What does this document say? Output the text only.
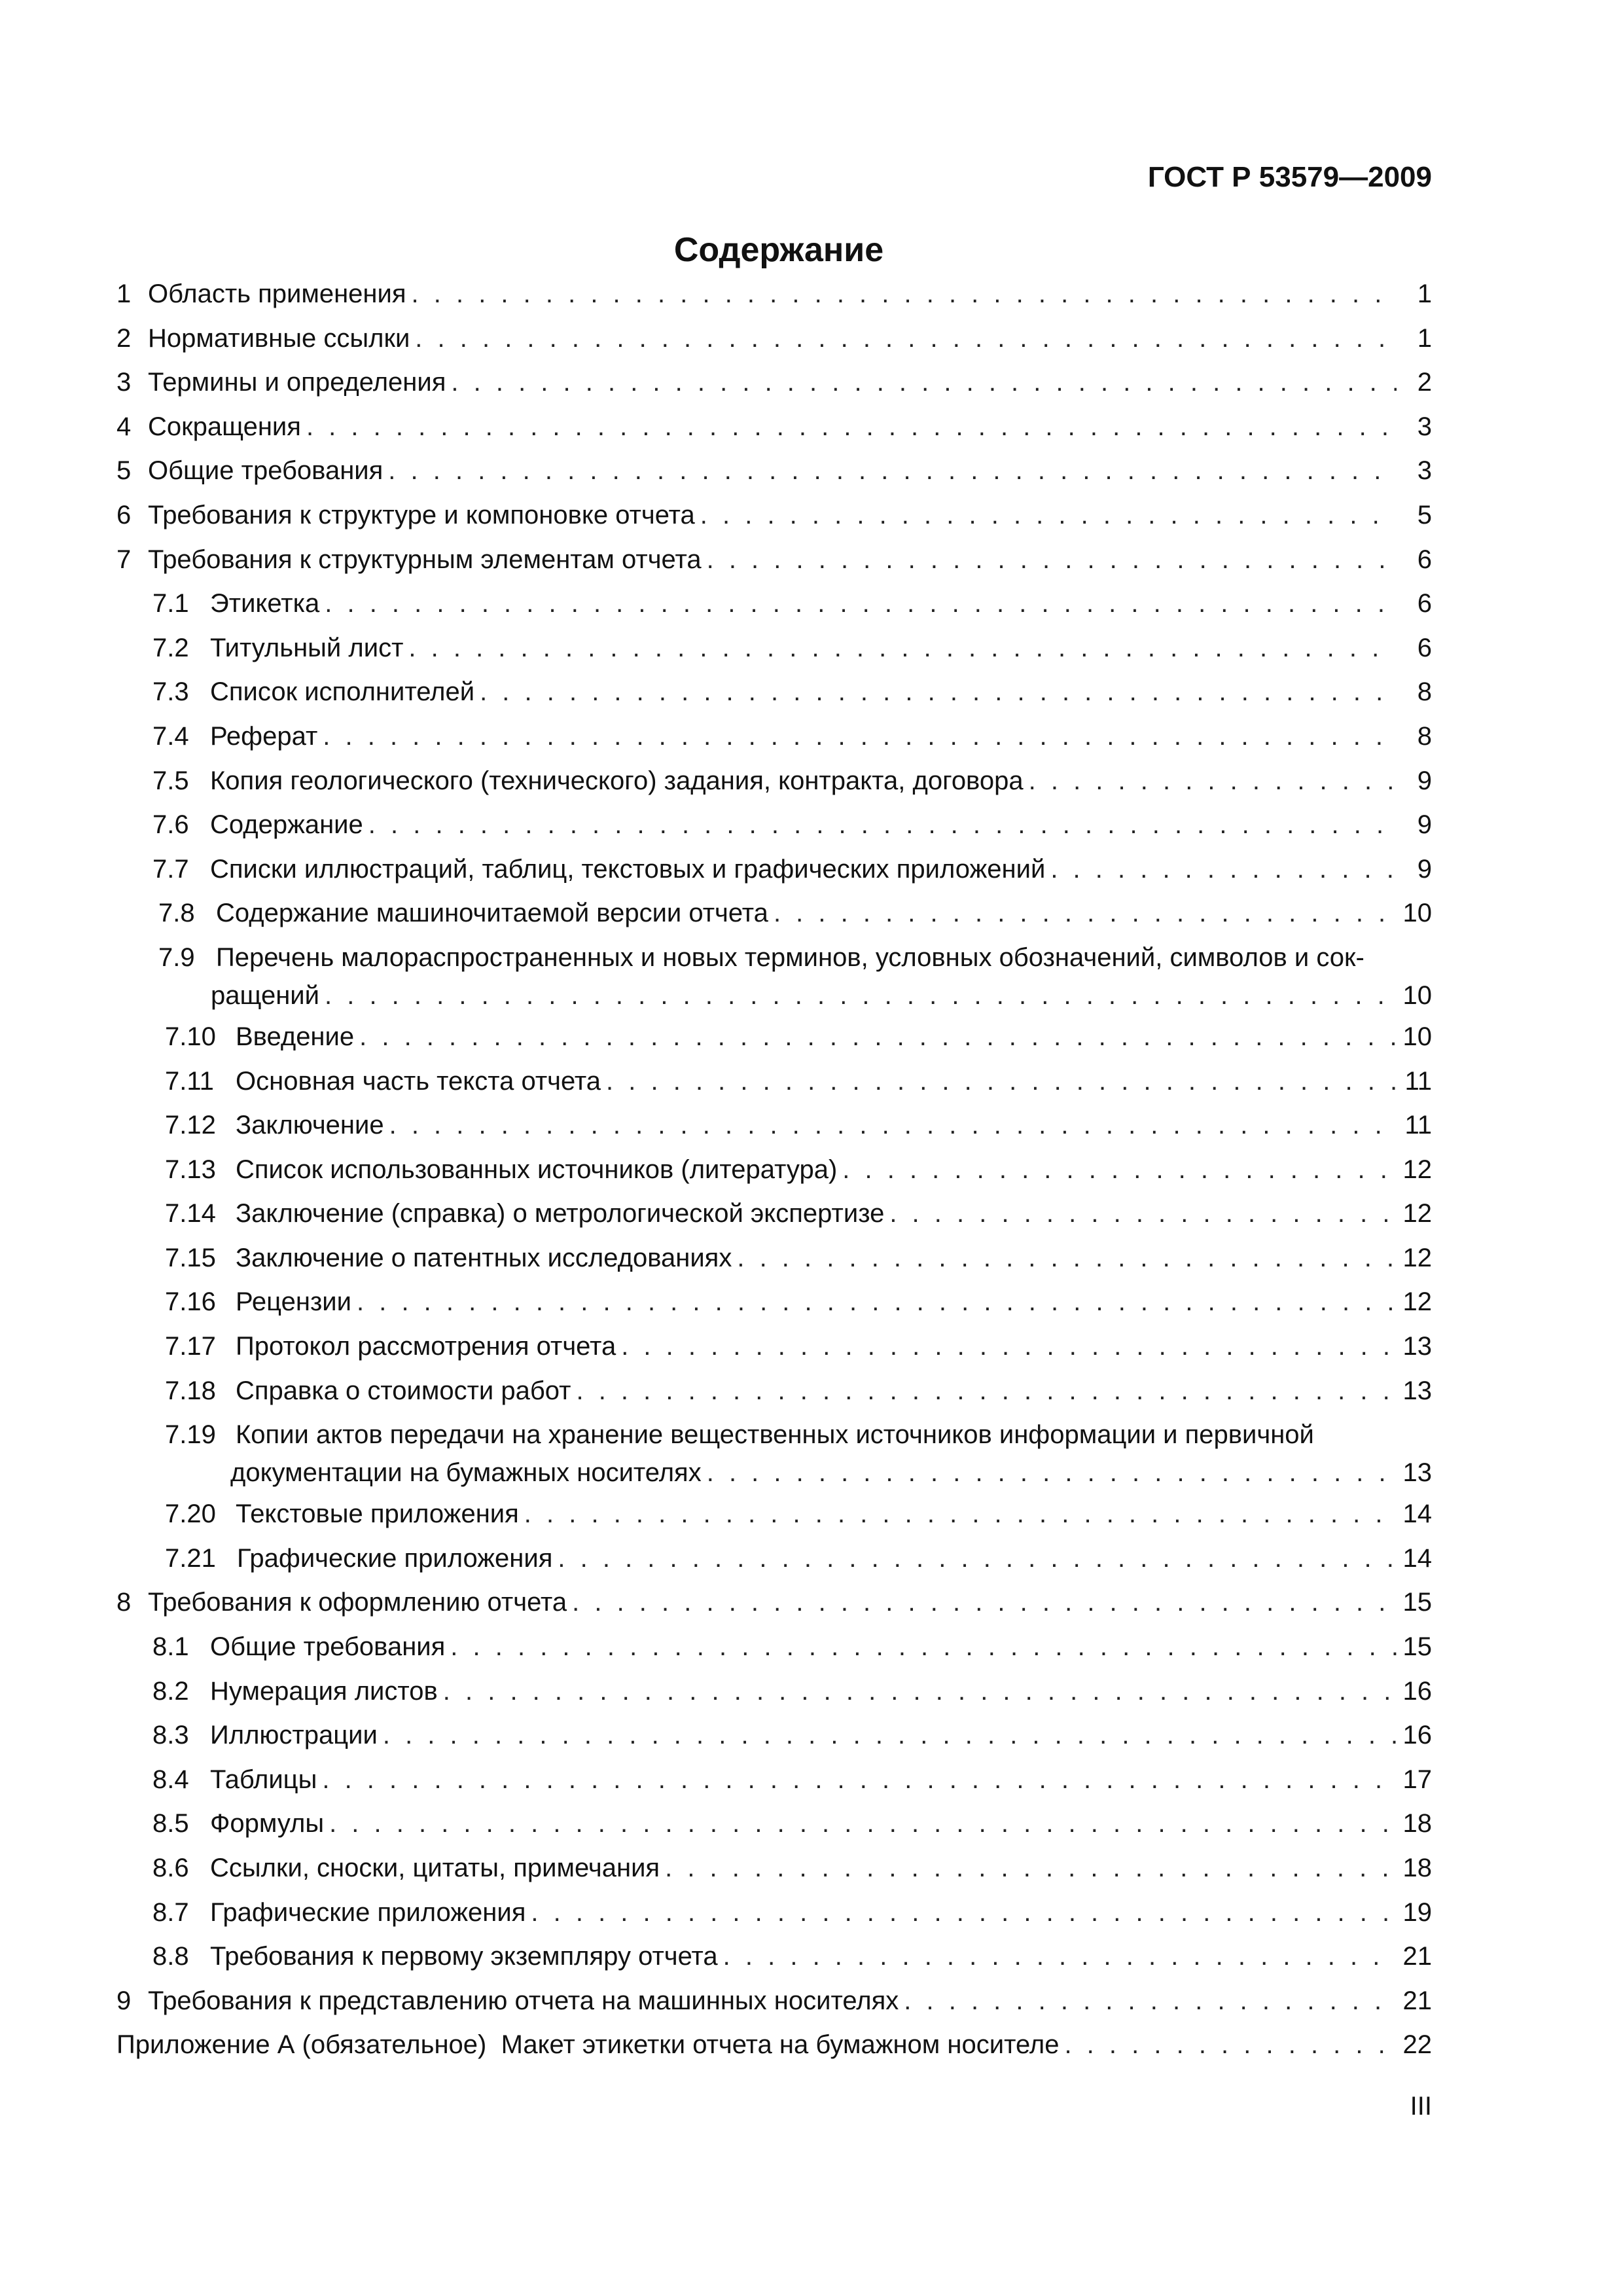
ГОСТ Р 53579—2009
Содержание
1 Область применения . . .	1
2 Нормативные ссылки . . .	1
3 Термины и определения . . .	2
4 Сокращения . . .	3
5 Общие требования . . .	3
6 Требования к структуре и компоновке отчета . . .	5
7 Требования к структурным элементам отчета . . .	6
7.1 Этикетка . . .	6
7.2 Титульный лист . . .	6
7.3 Список исполнителей . . .	8
7.4 Реферат . . .	8
7.5 Копия геологического (технического) задания, контракта, договора . . .	9
7.6 Содержание . . .	9
7.7 Списки иллюстраций, таблиц, текстовых и графических приложений . . .	9
7.8 Содержание машиночитаемой версии отчета . . .	10
7.9 Перечень малораспространенных и новых терминов, условных обозначений, символов и сок-
ращений . . .	10
7.10 Введение . . .	10
7.11 Основная часть текста отчета . . .	11
7.12 Заключение . . .	11
7.13 Список использованных источников (литература) . . .	12
7.14 Заключение (справка) о метрологической экспертизе . . .	12
7.15 Заключение о патентных исследованиях . . .	12
7.16 Рецензии . . .	12
7.17 Протокол рассмотрения отчета . . .	13
7.18 Справка о стоимости работ . . .	13
7.19 Копии актов передачи на хранение вещественных источников информации и первичной
документации на бумажных носителях . . .	13
7.20 Текстовые приложения . . .	14
7.21 Графические приложения . . .	14
8 Требования к оформлению отчета . . .	15
8.1 Общие требования . . .	15
8.2 Нумерация листов . . .	16
8.3 Иллюстрации . . .	16
8.4 Таблицы . . .	17
8.5 Формулы . . .	18
8.6 Ссылки, сноски, цитаты, примечания . . .	18
8.7 Графические приложения . . .	19
8.8 Требования к первому экземпляру отчета . . .	21
9 Требования к представлению отчета на машинных носителях . . .	21
Приложение А (обязательное)  Макет этикетки отчета на бумажном носителе . . .	22
III
